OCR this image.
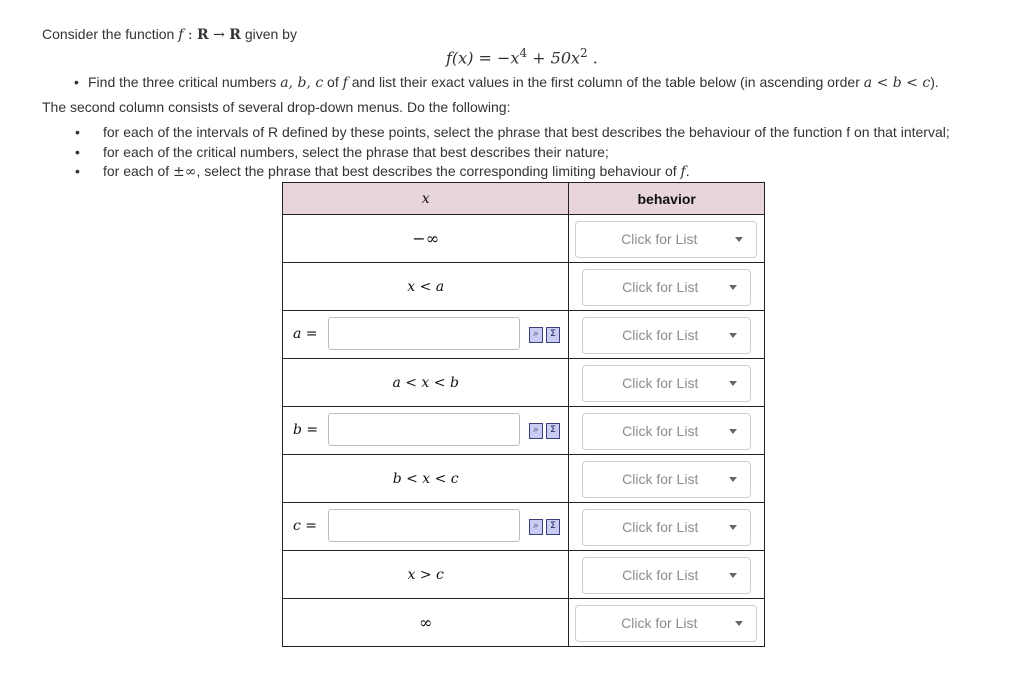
Consider the function f : R → R given by
$f(x) = -x^4 + 50x^2$ .
• Find the three critical numbers a, b, c of f and list their exact values in the first column of the table below (in ascending order a < b < c).
The second column consists of several drop-down menus. Do the following:
• for each of the intervals of R defined by these points, select the phrase that best describes the behaviour of the function f on that interval;
• for each of the critical numbers, select the phrase that best describes their nature;
• for each of ±∞, select the phrase that best describes the corresponding limiting behaviour of f.
x	behavior
−∞	Click for List

x < a	Click for List

a = ⌕ Σ	Click for List

a < x < b	Click for List

b = ⌕ Σ	Click for List

b < x < c	Click for List

c = ⌕ Σ	Click for List

x > c	Click for List

∞	Click for List
